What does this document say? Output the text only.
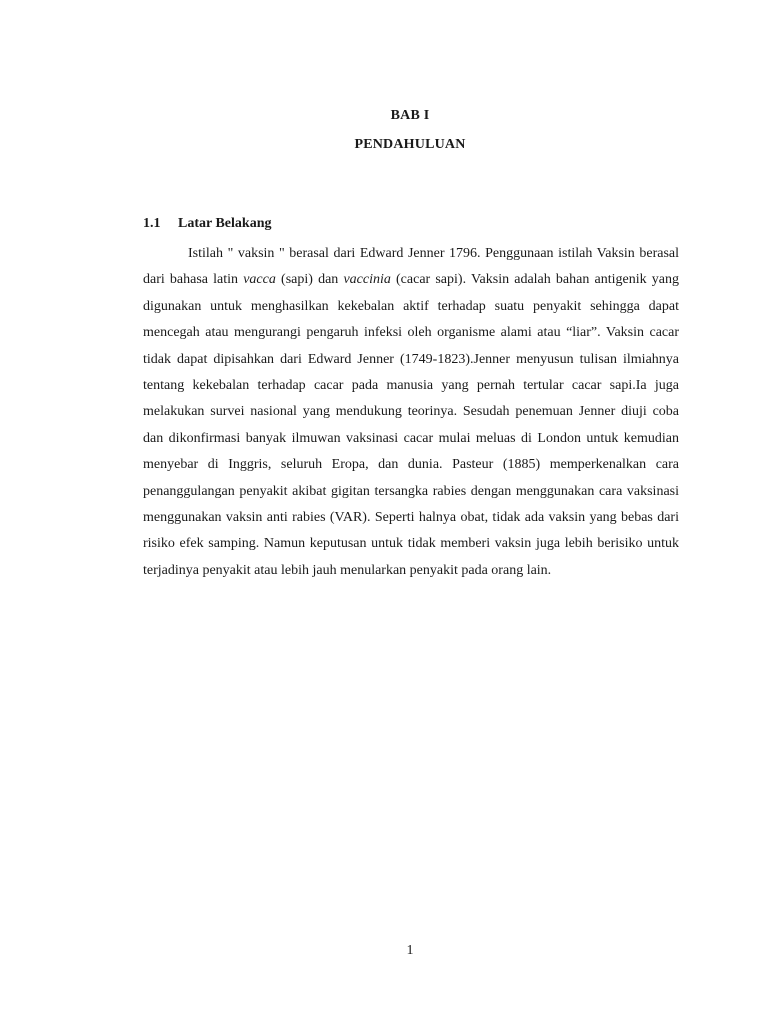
BAB I
PENDAHULUAN
1.1 Latar Belakang

Istilah " vaksin " berasal dari Edward Jenner 1796. Penggunaan istilah Vaksin berasal dari bahasa latin vacca (sapi) dan vaccinia (cacar sapi). Vaksin adalah bahan antigenik yang digunakan untuk menghasilkan kekebalan aktif terhadap suatu penyakit sehingga dapat mencegah atau mengurangi pengaruh infeksi oleh organisme alami atau “liar”. Vaksin cacar tidak dapat dipisahkan dari Edward Jenner (1749-1823).Jenner menyusun tulisan ilmiahnya tentang kekebalan terhadap cacar pada manusia yang pernah tertular cacar sapi.Ia juga melakukan survei nasional yang mendukung teorinya. Sesudah penemuan Jenner diuji coba dan dikonfirmasi banyak ilmuwan vaksinasi cacar mulai meluas di London untuk kemudian menyebar di Inggris, seluruh Eropa, dan dunia. Pasteur (1885) memperkenalkan cara penanggulangan penyakit akibat gigitan tersangka rabies dengan menggunakan cara vaksinasi menggunakan vaksin anti rabies (VAR). Seperti halnya obat, tidak ada vaksin yang bebas dari risiko efek samping. Namun keputusan untuk tidak memberi vaksin juga lebih berisiko untuk terjadinya penyakit atau lebih jauh menularkan penyakit pada orang lain.

1
